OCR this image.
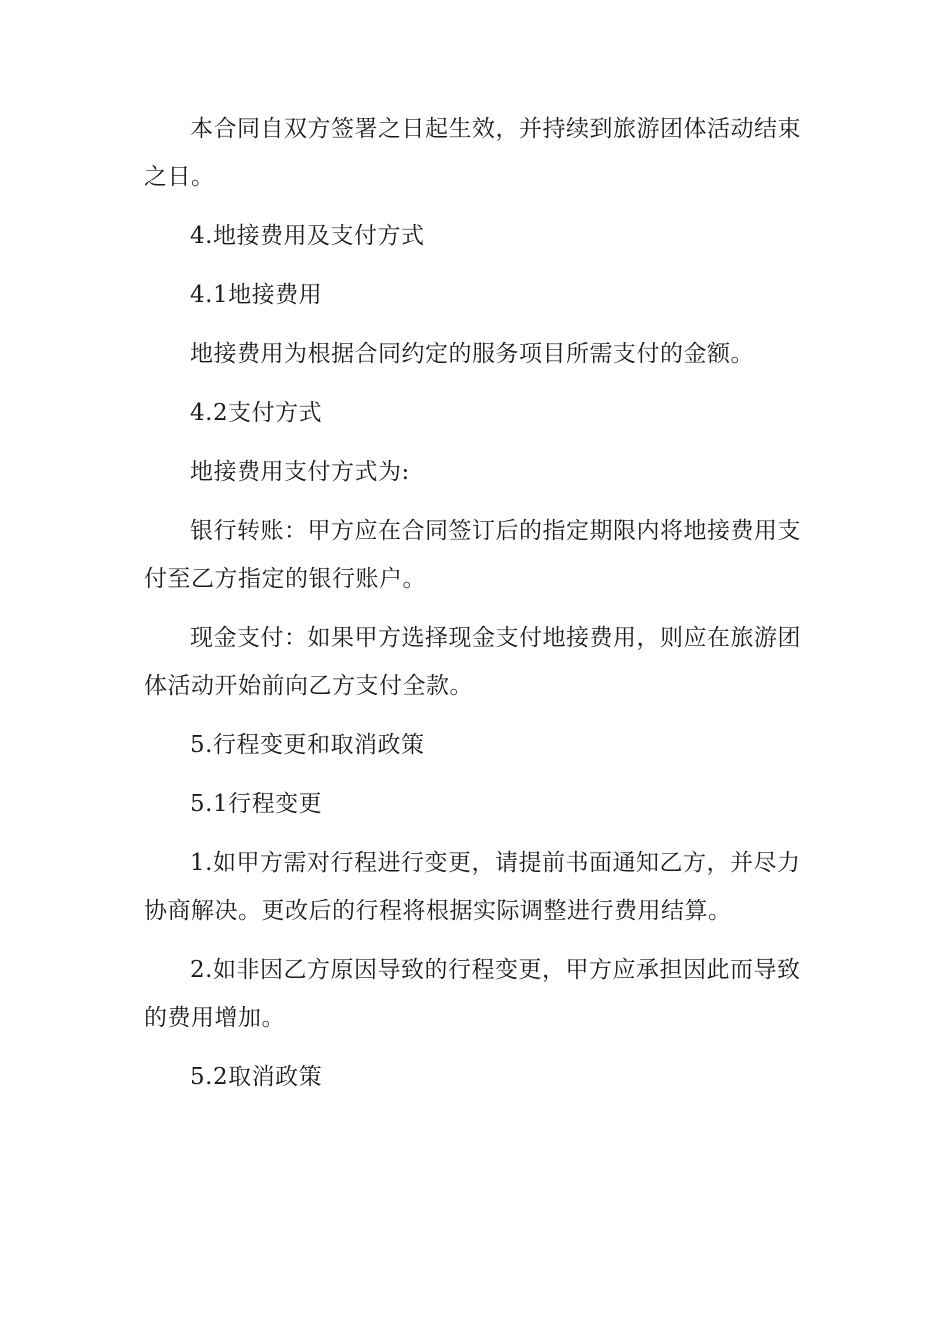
本合同自双方签署之日起生效，并持续到旅游团体活动结束之日。

4.地接费用及支付方式

4.1地接费用

地接费用为根据合同约定的服务项目所需支付的金额。

4.2支付方式

地接费用支付方式为:

银行转账：甲方应在合同签订后的指定期限内将地接费用支付至乙方指定的银行账户。

现金支付：如果甲方选择现金支付地接费用，则应在旅游团体活动开始前向乙方支付全款。

5.行程变更和取消政策

5.1行程变更

1.如甲方需对行程进行变更，请提前书面通知乙方，并尽力协商解决。更改后的行程将根据实际调整进行费用结算。

2.如非因乙方原因导致的行程变更，甲方应承担因此而导致的费用增加。

5.2取消政策
